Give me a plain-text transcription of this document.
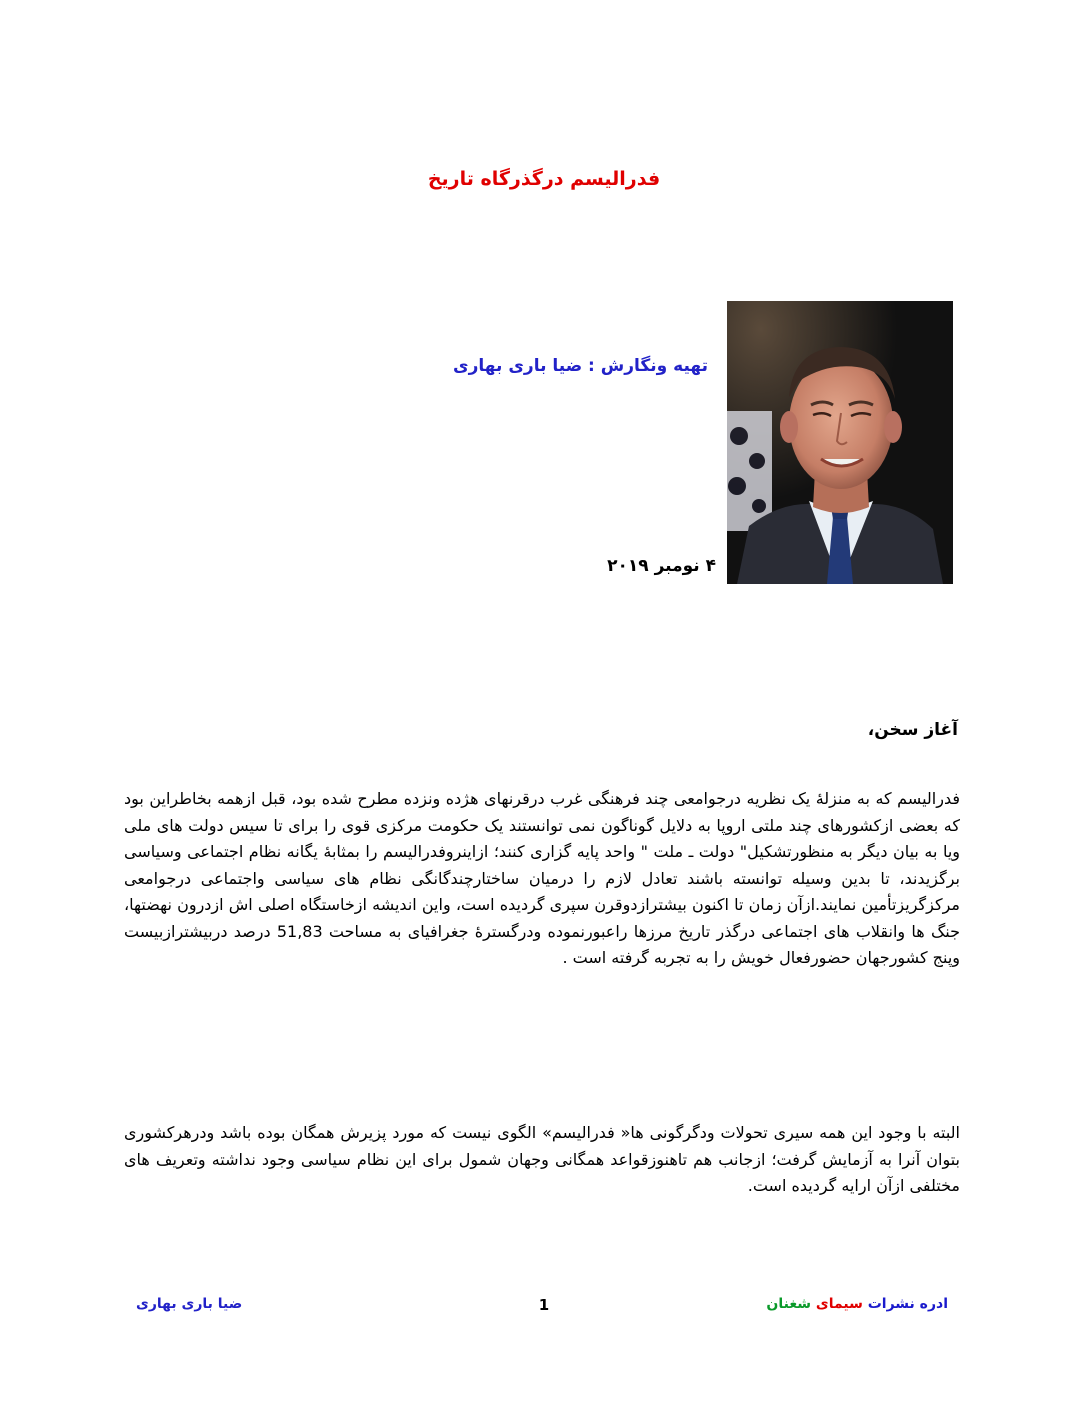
فدرالیسم درگذرگاه تاریخ
تهیه ونگارش : ضیا باری بهاری
۴ نومبر ۲۰۱۹
آغاز سخن،

فدرالیسم که به منزلهٔ یک نظریه درجوامعی چند فرهنگی غرب درقرنهای هژده ونزده مطرح شده بود، قبل ازهمه بخاطراین بود که بعضی ازکشورهای چند ملتی اروپا به دلایل گوناگون نمی توانستند یک حکومت مرکزی قوی را برای تا سیس دولت های ملی ویا به بیان دیگر به منظورتشکیل" دولت ـ ملت " واحد پایه گزاری کنند؛ ازاینروفدرالیسم را بمثابهٔ یگانه نظام اجتماعی وسیاسی برگزیدند، تا بدین وسیله توانسته باشند تعادل لازم را درمیان ساختارچندگانگی نظام های سیاسی واجتماعی درجوامعی مرکزگریزتأمین نمایند.ازآن زمان تا اکنون بیشترازدوقرن سپری گردیده است، واین اندیشه ازخاستگاه اصلی اش ازدرون نهضتها، جنگ ها وانقلاب های اجتماعی درگذر تاریخ مرزها راعبورنموده ودرگسترهٔ جغرافیای به مساحت 51,83 درصد دربیشترازبیست وپنج کشورجهان حضورفعال خویش را به تجربه گرفته است .

البته با وجود این همه سیری تحولات ودگرگونی ها« فدرالیسم» الگوی نیست که مورد پزیرش همگان بوده باشد ودرهرکشوری بتوان آنرا به آزمایش گرفت؛ ازجانب هم تاهنوزقواعد همگانی وجهان شمول برای این نظام سیاسی وجود نداشته وتعریف های مختلفی ازآن ارایه گردیده است.

ادره نشرات سیمای شغنان
1
ضیا باری بهاری
